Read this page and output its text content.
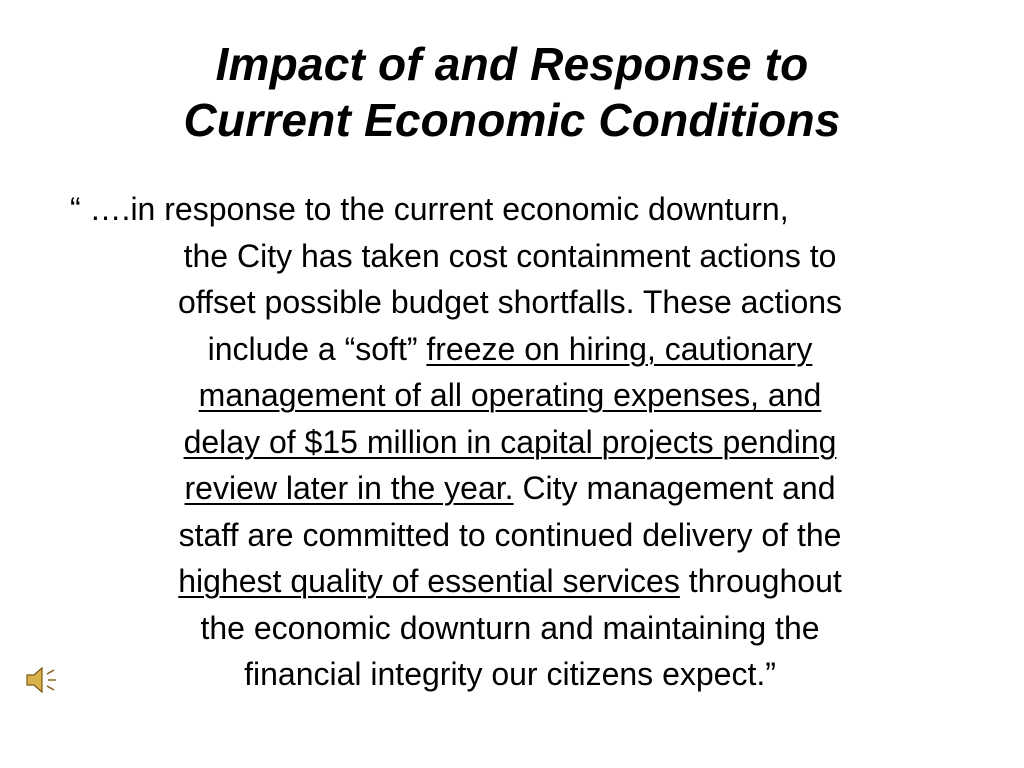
Impact of and Response to
Current Economic Conditions
“ ….in response to the current economic downturn,
the City has taken cost containment actions to
offset possible budget shortfalls. These actions
include a “soft” freeze on hiring, cautionary
management of all operating expenses, and
delay of $15 million in capital projects pending
review later in the year. City management and
staff are committed to continued delivery of the
highest quality of essential services throughout
the economic downturn and maintaining the
financial integrity our citizens expect.”
